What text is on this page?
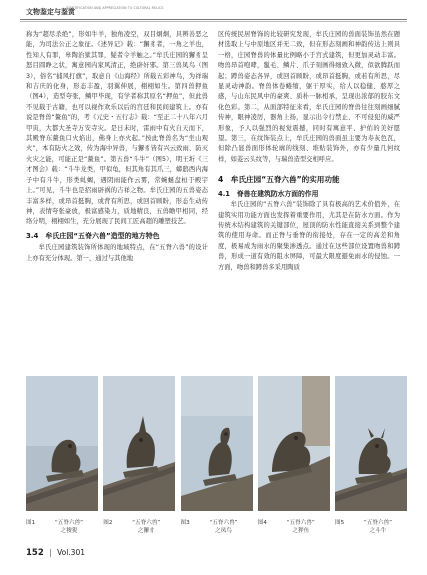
文物鉴定与鉴赏
IDENTIFICATION AND APPRECIATION TO CULTURAL RELICS

称为“超尽杀绝”，形如牛羊，独角凌空，双目炯炯，具辨善恶之能，为司法公正之象征。《述异记》载：“獬豸者，一角之羊也，性知人有罪，皋陶治狱其罪，疑者令羊触之。”牟氏庄园的獬豸呈怒目圆睁之状，寓意园内家风清正，绝辟奸邪。第三兽凤鸟（图3），俗名“捕风打旗”，取意自《山海经》所载五彩神鸟，为祥瑞和吉庆的化身，形态丰盈，羽翼伸展，栩栩如生。第四兽狎鱼（图4），造型夸张，鳞甲毕现，有学者称其原名“押鱼”，但此兽不见载于古籍，也可以视作欢乐以后的宫廷和民间建筑上。亦有说是脊兽“鳌鱼”的，考《元史・五行志》载：“至正二十八年六月甲寅，大都大圣寺万安寺灾。是日未时，雷雨中有火自天而下，其殿脊东鳌鱼口火焰出，佛身上亦火起。”按此脊兽名为“坐山观火”，本有防火之效，传为海中异兽，与獬豸皆有兴云致雨、防灭火灾之能，可能正是“鳌鱼”。第五兽“斗牛”（图5），明王圻《三才图会》载：“斗牛龙类，甲似龟，但其角有其爪三，蟒鸱西内海子中有斗牛，形类虬蝎，遇阴雨能作云雾，常蜿蜒盘桓于殿宇上。”可见，斗牛也是招雨辟祸的吉祥之物。牟氏庄园的五兽姿态丰富多样，或昂首挺胸，或背有所思，或回首顾盼，形态生动传神，表情夸张豪放，极富感染力，质地精良，五兽瞻甲相同，经络分明，栩栩如生，充分展现了民间工匠高超的雕塑技艺。

3.4　牟氏庄园“五脊六兽”造型的地方特色

牟氏庄园建筑装饰所体现的地域特点，在“五脊六兽”的设计上亦有充分体现。第一，通过与其他地

区传统民居脊饰的比较研究发现，牟氏庄园的兽面装饰虽然在题材选取上与中原地区并无二致，但在形态刻画和神韵传达上则具一格，庄园脊兽的体量比例略小于宫式建筑，但更加灵动丰富。吻兽昂首咆哮，鬣毛、鳞片、爪子刻画得细致入微，似欲腾跃而起；蹲兽姿态各异，或回首顾盼，或昂首挺胸，或若有所思，尽显灵动神韵。脊兽体卷蜷缩，躯干厚实，给人以稳健、憨厚之感，与山东民风中的豪爽、质朴一脉相承，呈现出浓郁的胶东文化色彩。第二，从面部特征来看，牟氏庄园的脊兽往往刻画细腻传神，眼神凌厉，器角上扬，显示出令行禁止、不可侵犯的威严形象，予人以强烈的视觉震撼，同时有寓意平、护佑的美好愿望。第三，在纹饰装点上，牟氏庄园的兽面虽主要为寿灰色瓦，但除凸显兽面形体轮廓的线刻、堆贴装饰外，亦有少量几何纹样，如菱云头纹等，与瑞兽造型交相呼应。

4　牟氏庄园“五脊六兽”的实用功能
4.1　脊兽在建筑防水方面的作用

牟氏庄园的“五脊六兽”装饰除了具有极高的艺术价值外，在建筑实用功能方面也发挥着重要作用，尤其是在防水方面。作为传统木结构建筑的关键部位，屋顶的防水性能直接关系到整个建筑的使用寿命。而正脊与垂脊的衔接处，存在一定的高差和角度，极易成为雨水的聚集渗透点。通过在这些部位设置吻兽和蹲兽，形成一道有效的阻水屏障，可最大限度避免雨水的侵蚀。一方面，吻兽和蹲兽多采用陶质

图1	“五脊六兽”
之狻猊
图2	“五脊六兽”
之獬豸
图3	“五脊六兽”
之凤鸟
图4	“五脊六兽”
之狎鱼
图5	“五脊六兽”
之斗牛
152 | Vol.301
